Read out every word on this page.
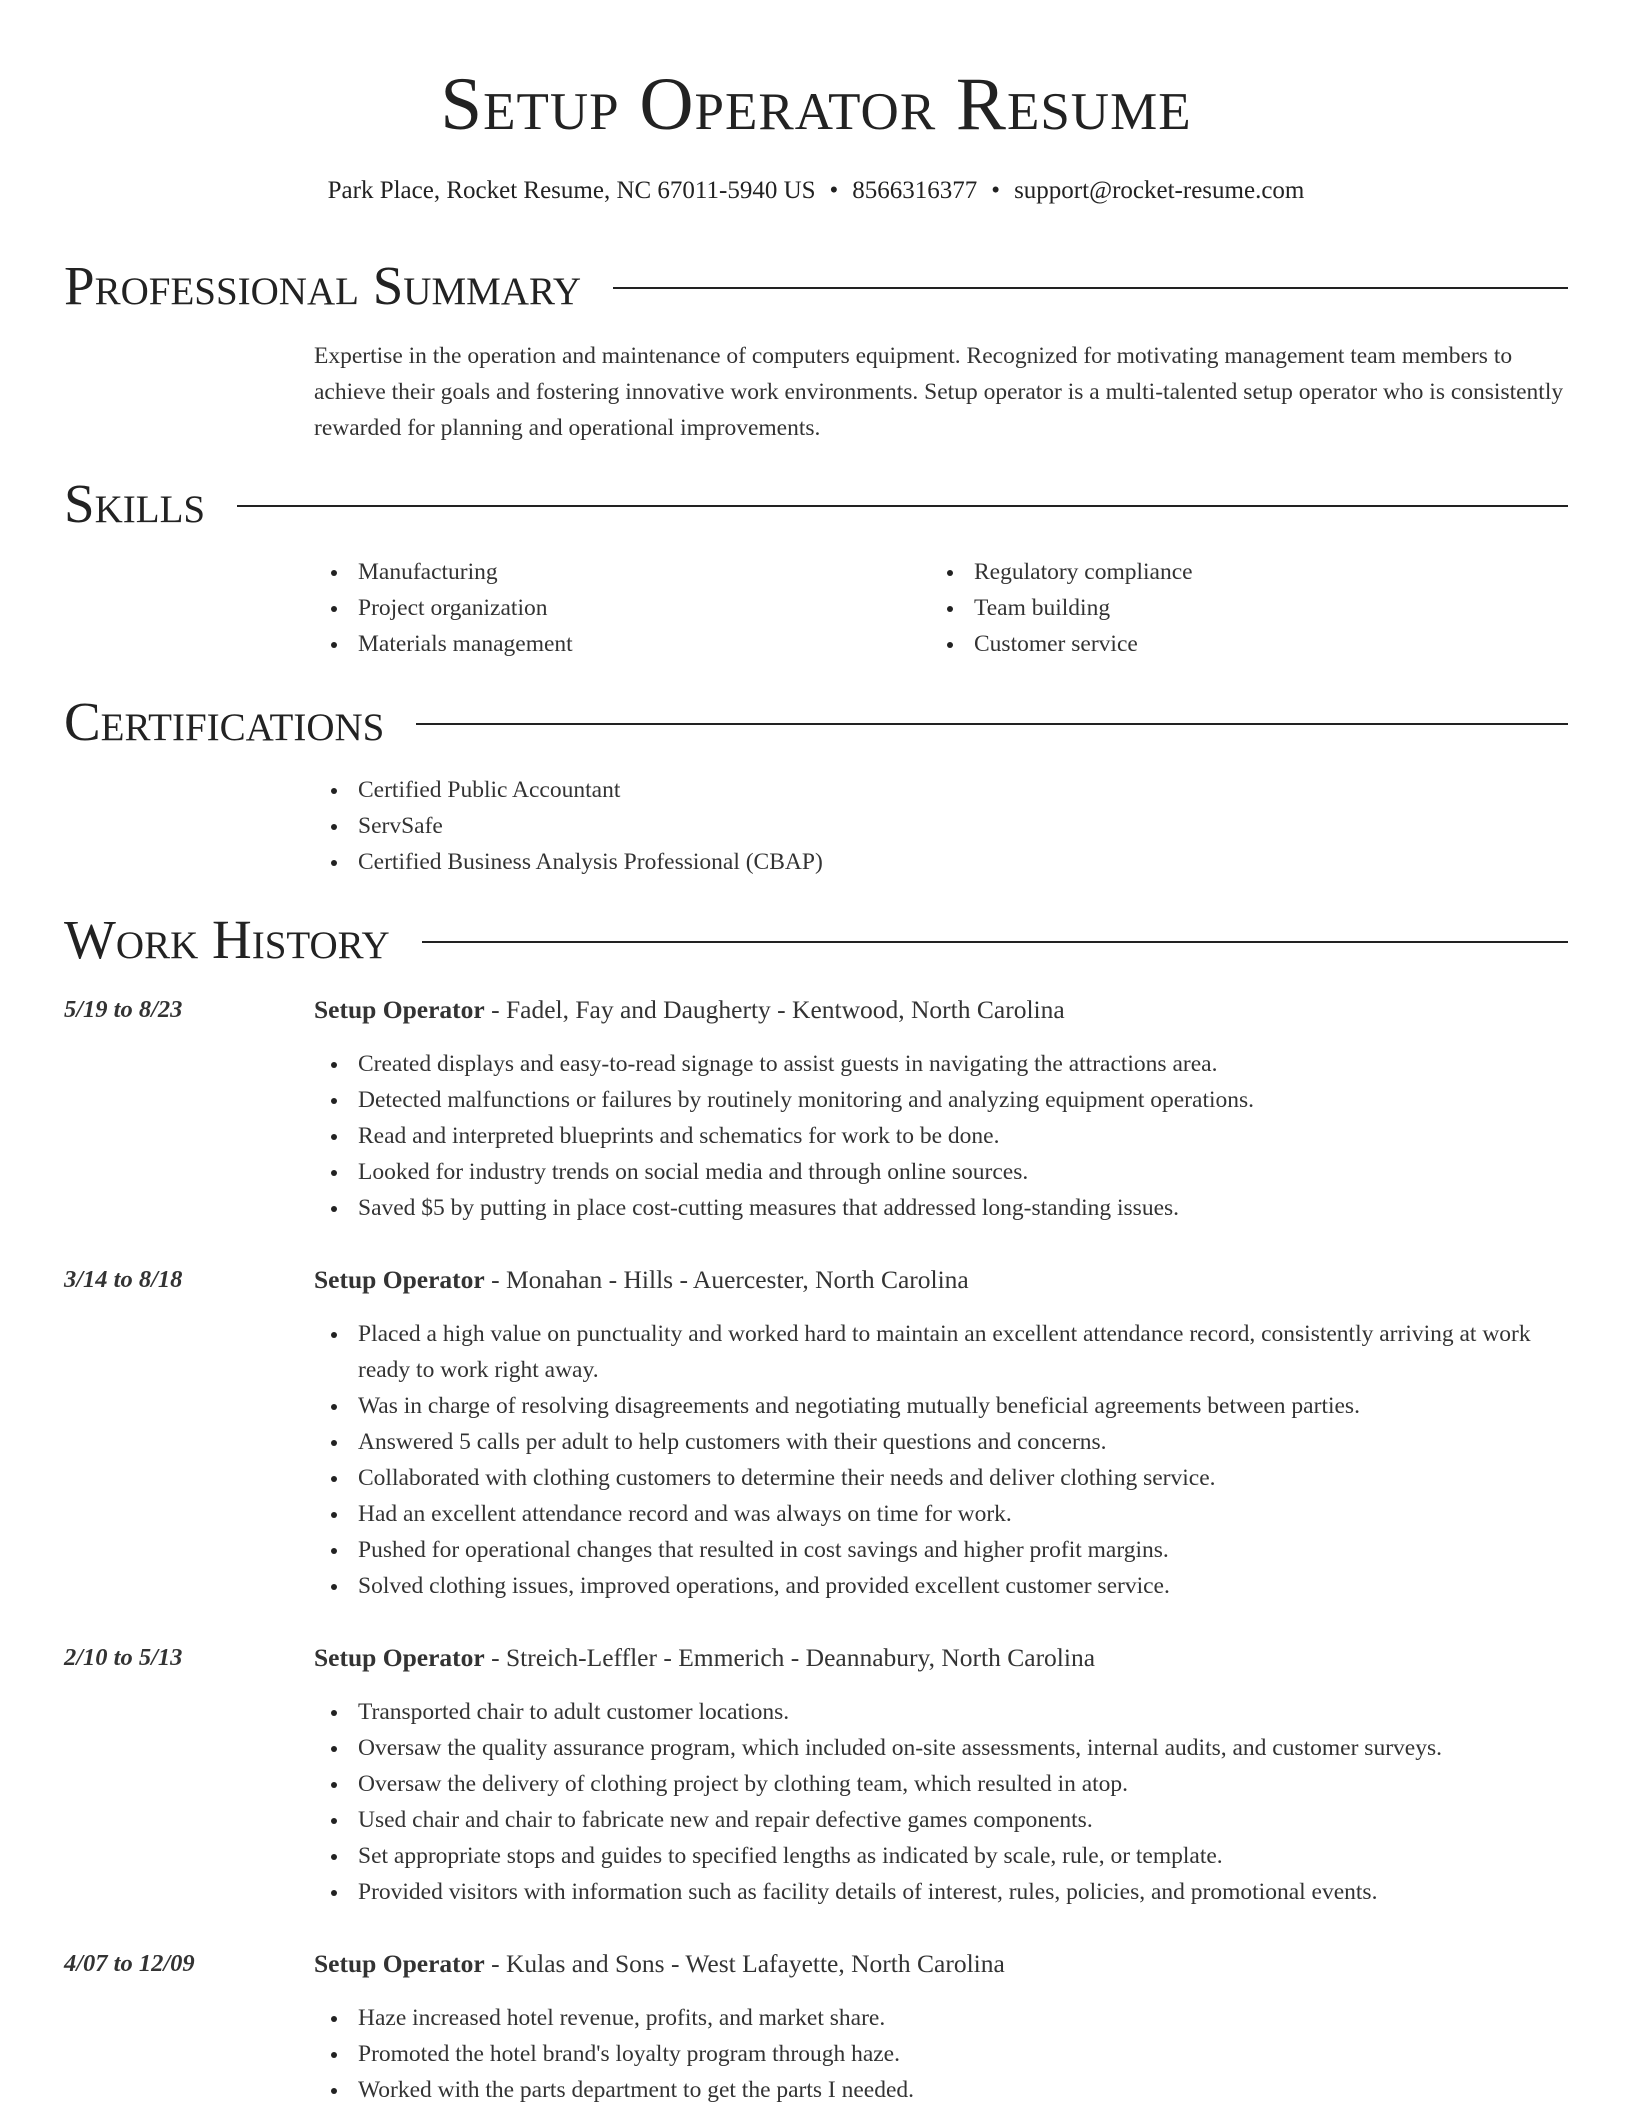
Setup Operator Resume
Park Place, Rocket Resume, NC 67011-5940 US • 8566316377 • support@rocket-resume.com
Professional Summary
Expertise in the operation and maintenance of computers equipment. Recognized for motivating management team members to achieve their goals and fostering innovative work environments. Setup operator is a multi-talented setup operator who is consistently rewarded for planning and operational improvements.
Skills
Manufacturing
Project organization
Materials management
Regulatory compliance
Team building
Customer service
Certifications
Certified Public Accountant
ServSafe
Certified Business Analysis Professional (CBAP)
Work History
5/19 to 8/23	Setup Operator - Fadel, Fay and Daugherty - Kentwood, North Carolina
Created displays and easy-to-read signage to assist guests in navigating the attractions area.
Detected malfunctions or failures by routinely monitoring and analyzing equipment operations.
Read and interpreted blueprints and schematics for work to be done.
Looked for industry trends on social media and through online sources.
Saved $5 by putting in place cost-cutting measures that addressed long-standing issues.
3/14 to 8/18	Setup Operator - Monahan - Hills - Auercester, North Carolina
Placed a high value on punctuality and worked hard to maintain an excellent attendance record, consistently arriving at work ready to work right away.
Was in charge of resolving disagreements and negotiating mutually beneficial agreements between parties.
Answered 5 calls per adult to help customers with their questions and concerns.
Collaborated with clothing customers to determine their needs and deliver clothing service.
Had an excellent attendance record and was always on time for work.
Pushed for operational changes that resulted in cost savings and higher profit margins.
Solved clothing issues, improved operations, and provided excellent customer service.
2/10 to 5/13	Setup Operator - Streich-Leffler - Emmerich - Deannabury, North Carolina
Transported chair to adult customer locations.
Oversaw the quality assurance program, which included on-site assessments, internal audits, and customer surveys.
Oversaw the delivery of clothing project by clothing team, which resulted in atop.
Used chair and chair to fabricate new and repair defective games components.
Set appropriate stops and guides to specified lengths as indicated by scale, rule, or template.
Provided visitors with information such as facility details of interest, rules, policies, and promotional events.
4/07 to 12/09	Setup Operator - Kulas and Sons - West Lafayette, North Carolina
Haze increased hotel revenue, profits, and market share.
Promoted the hotel brand's loyalty program through haze.
Worked with the parts department to get the parts I needed.
